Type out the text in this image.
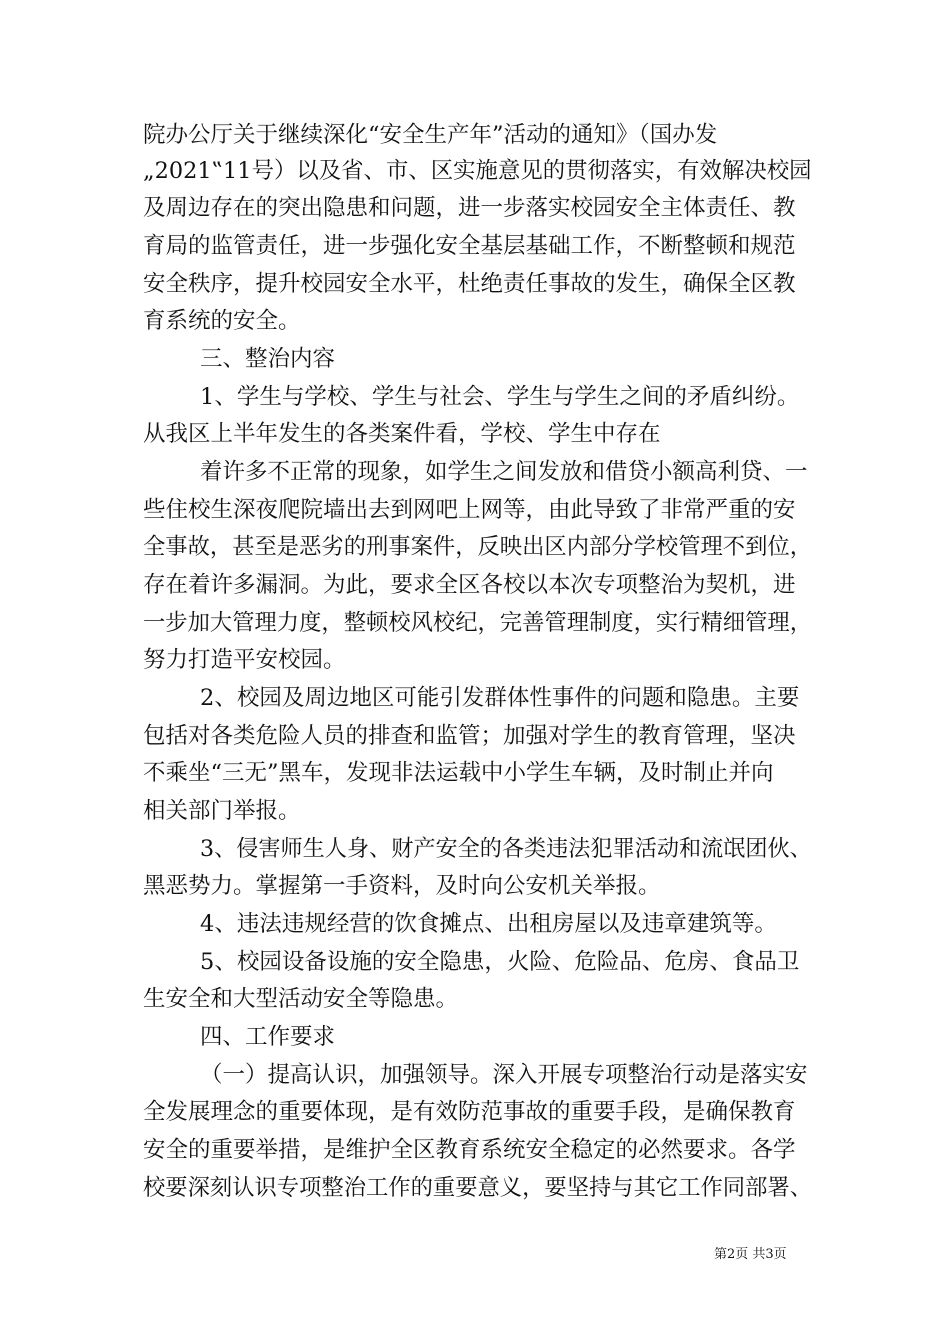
院办公厅关于继续深化“安全生产年”活动的通知》（国办发
„2021‟11号）以及省、市、区实施意见的贯彻落实，有效解决校园
及周边存在的突出隐患和问题，进一步落实校园安全主体责任、教
育局的监管责任，进一步强化安全基层基础工作，不断整顿和规范
安全秩序，提升校园安全水平，杜绝责任事故的发生，确保全区教
育系统的安全。
三、整治内容
1、学生与学校、学生与社会、学生与学生之间的矛盾纠纷。
从我区上半年发生的各类案件看，学校、学生中存在
着许多不正常的现象，如学生之间发放和借贷小额高利贷、一
些住校生深夜爬院墙出去到网吧上网等，由此导致了非常严重的安
全事故，甚至是恶劣的刑事案件，反映出区内部分学校管理不到位，
存在着许多漏洞。为此，要求全区各校以本次专项整治为契机，进
一步加大管理力度，整顿校风校纪，完善管理制度，实行精细管理，
努力打造平安校园。
2、校园及周边地区可能引发群体性事件的问题和隐患。主要
包括对各类危险人员的排查和监管；加强对学生的教育管理，坚决
不乘坐“三无”黑车，发现非法运载中小学生车辆，及时制止并向
相关部门举报。
3、侵害师生人身、财产安全的各类违法犯罪活动和流氓团伙、
黑恶势力。掌握第一手资料，及时向公安机关举报。
4、违法违规经营的饮食摊点、出租房屋以及违章建筑等。
5、校园设备设施的安全隐患，火险、危险品、危房、食品卫
生安全和大型活动安全等隐患。
四、工作要求
（一）提高认识，加强领导。深入开展专项整治行动是落实安
全发展理念的重要体现，是有效防范事故的重要手段，是确保教育
安全的重要举措，是维护全区教育系统安全稳定的必然要求。各学
校要深刻认识专项整治工作的重要意义，要坚持与其它工作同部署、
第2页 共3页
